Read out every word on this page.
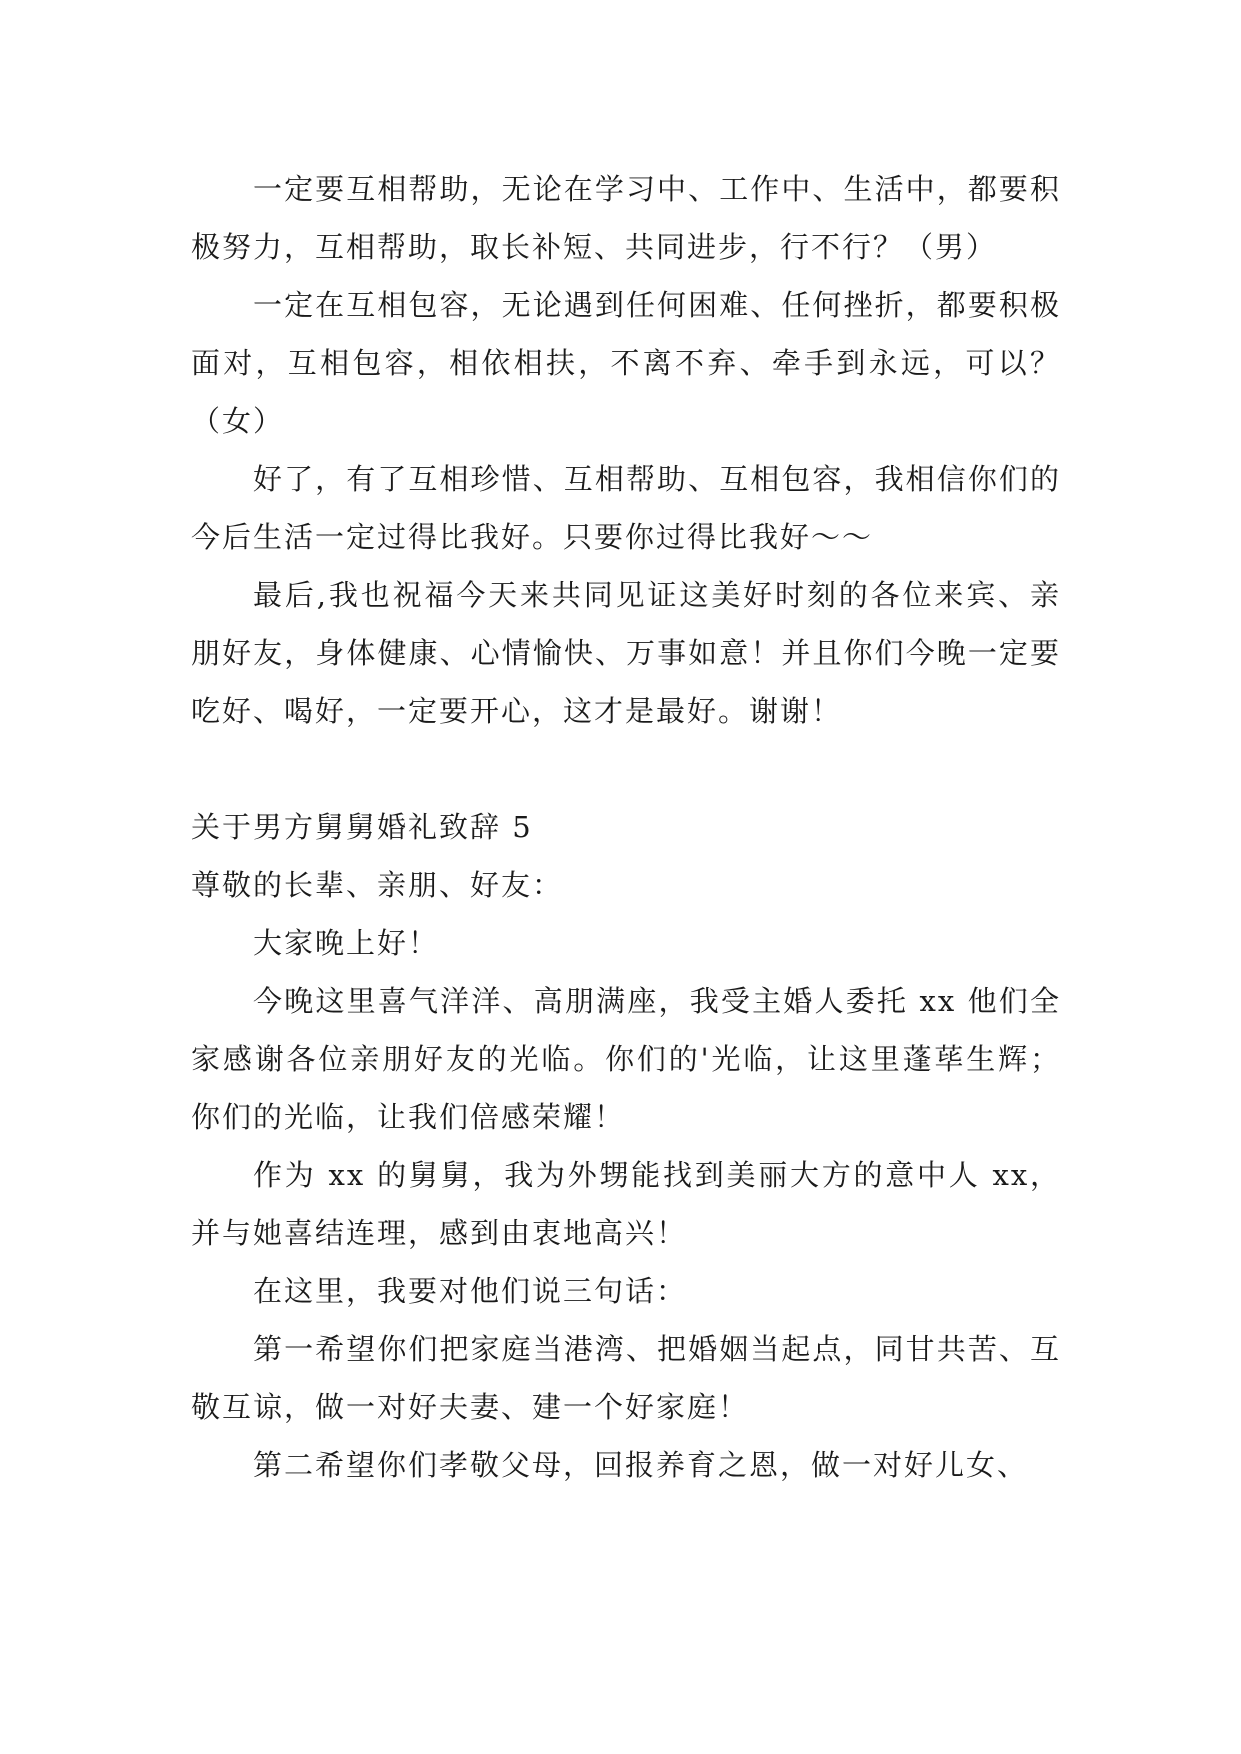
一定要互相帮助，无论在学习中、工作中、生活中，都要积极努力，互相帮助，取长补短、共同进步，行不行？（男）

一定在互相包容，无论遇到任何困难、任何挫折，都要积极面对，互相包容，相依相扶，不离不弃、牵手到永远，可以？（女）

好了，有了互相珍惜、互相帮助、互相包容，我相信你们的今后生活一定过得比我好。只要你过得比我好～～

最后,我也祝福今天来共同见证这美好时刻的各位来宾、亲朋好友，身体健康、心情愉快、万事如意！并且你们今晚一定要吃好、喝好，一定要开心，这才是最好。谢谢！

关于男方舅舅婚礼致辞 5

尊敬的长辈、亲朋、好友：

大家晚上好！

今晚这里喜气洋洋、高朋满座，我受主婚人委托 xx 他们全家感谢各位亲朋好友的光临。你们的'光临，让这里蓬荜生辉；你们的光临，让我们倍感荣耀！

作为 xx 的舅舅，我为外甥能找到美丽大方的意中人 xx，并与她喜结连理，感到由衷地高兴！

在这里，我要对他们说三句话：

第一希望你们把家庭当港湾、把婚姻当起点，同甘共苦、互敬互谅，做一对好夫妻、建一个好家庭！

第二希望你们孝敬父母，回报养育之恩，做一对好儿女、
